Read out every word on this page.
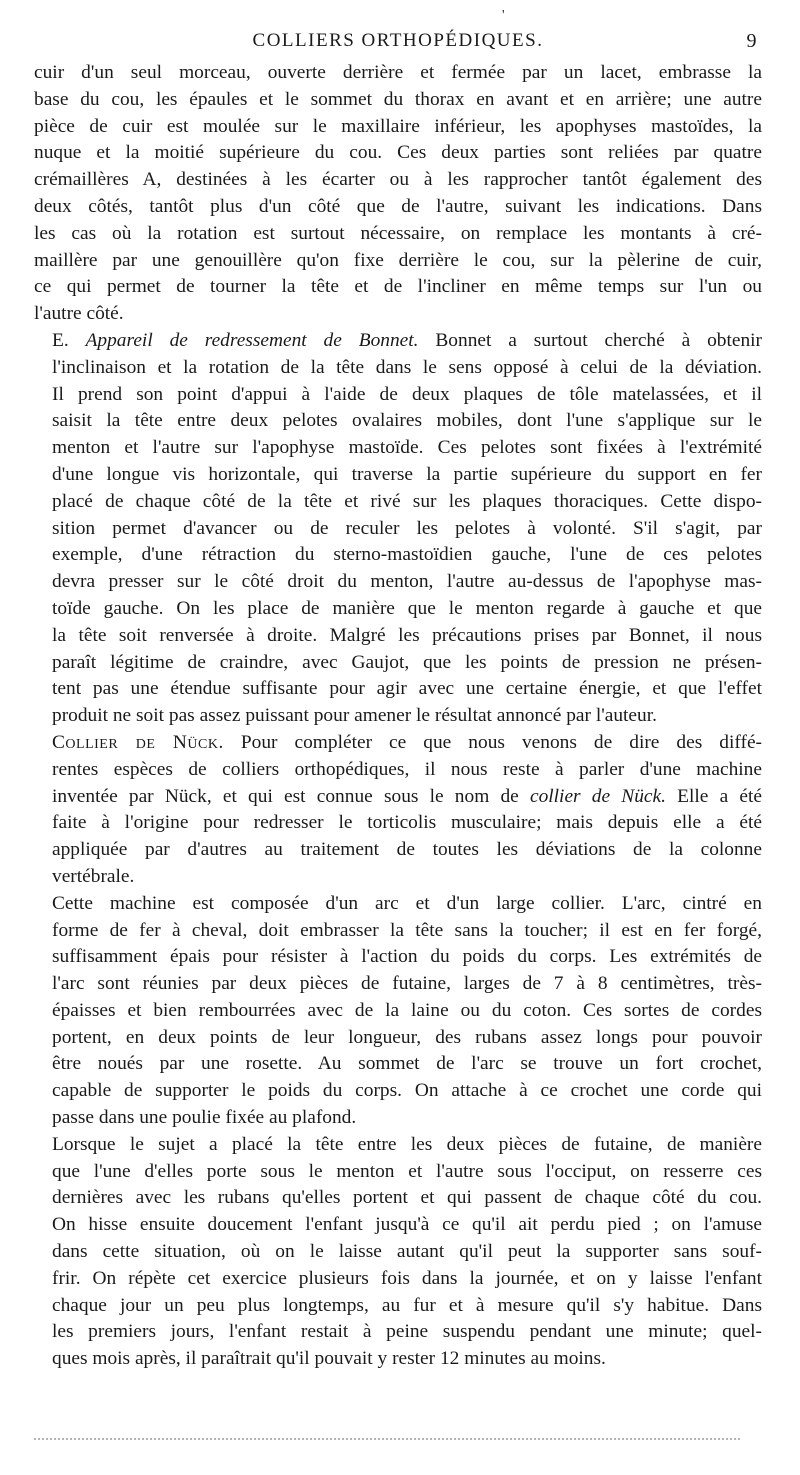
'
COLLIERS ORTHOPÉDIQUES.	9

cuir d'un seul morceau, ouverte derrière et fermée par un lacet, embrasse la
base du cou, les épaules et le sommet du thorax en avant et en arrière; une autre
pièce de cuir est moulée sur le maxillaire inférieur, les apophyses mastoïdes, la
nuque et la moitié supérieure du cou. Ces deux parties sont reliées par quatre
crémaillères A, destinées à les écarter ou à les rapprocher tantôt également des
deux côtés, tantôt plus d'un côté que de l'autre, suivant les indications. Dans
les cas où la rotation est surtout nécessaire, on remplace les montants à cré-
maillère par une genouillère qu'on fixe derrière le cou, sur la pèlerine de cuir,
ce qui permet de tourner la tête et de l'incliner en même temps sur l'un ou
l'autre côté.

E. Appareil de redressement de Bonnet. Bonnet a surtout cherché à obtenir
l'inclinaison et la rotation de la tête dans le sens opposé à celui de la déviation.
Il prend son point d'appui à l'aide de deux plaques de tôle matelassées, et il
saisit la tête entre deux pelotes ovalaires mobiles, dont l'une s'applique sur le
menton et l'autre sur l'apophyse mastoïde. Ces pelotes sont fixées à l'extrémité
d'une longue vis horizontale, qui traverse la partie supérieure du support en fer
placé de chaque côté de la tête et rivé sur les plaques thoraciques. Cette dispo-
sition permet d'avancer ou de reculer les pelotes à volonté. S'il s'agit, par
exemple, d'une rétraction du sterno-mastoïdien gauche, l'une de ces pelotes
devra presser sur le côté droit du menton, l'autre au-dessus de l'apophyse mas-
toïde gauche. On les place de manière que le menton regarde à gauche et que
la tête soit renversée à droite. Malgré les précautions prises par Bonnet, il nous
paraît légitime de craindre, avec Gaujot, que les points de pression ne présen-
tent pas une étendue suffisante pour agir avec une certaine énergie, et que l'effet
produit ne soit pas assez puissant pour amener le résultat annoncé par l'auteur.

Collier de Nück. Pour compléter ce que nous venons de dire des diffé-
rentes espèces de colliers orthopédiques, il nous reste à parler d'une machine
inventée par Nück, et qui est connue sous le nom de collier de Nück. Elle a été
faite à l'origine pour redresser le torticolis musculaire; mais depuis elle a été
appliquée par d'autres au traitement de toutes les déviations de la colonne
vertébrale.

Cette machine est composée d'un arc et d'un large collier. L'arc, cintré en
forme de fer à cheval, doit embrasser la tête sans la toucher; il est en fer forgé,
suffisamment épais pour résister à l'action du poids du corps. Les extrémités de
l'arc sont réunies par deux pièces de futaine, larges de 7 à 8 centimètres, très-
épaisses et bien rembourrées avec de la laine ou du coton. Ces sortes de cordes
portent, en deux points de leur longueur, des rubans assez longs pour pouvoir
être noués par une rosette. Au sommet de l'arc se trouve un fort crochet,
capable de supporter le poids du corps. On attache à ce crochet une corde qui
passe dans une poulie fixée au plafond.

Lorsque le sujet a placé la tête entre les deux pièces de futaine, de manière
que l'une d'elles porte sous le menton et l'autre sous l'occiput, on resserre ces
dernières avec les rubans qu'elles portent et qui passent de chaque côté du cou.
On hisse ensuite doucement l'enfant jusqu'à ce qu'il ait perdu pied ; on l'amuse
dans cette situation, où on le laisse autant qu'il peut la supporter sans souf-
frir. On répète cet exercice plusieurs fois dans la journée, et on y laisse l'enfant
chaque jour un peu plus longtemps, au fur et à mesure qu'il s'y habitue. Dans
les premiers jours, l'enfant restait à peine suspendu pendant une minute; quel-
ques mois après, il paraîtrait qu'il pouvait y rester 12 minutes au moins.
